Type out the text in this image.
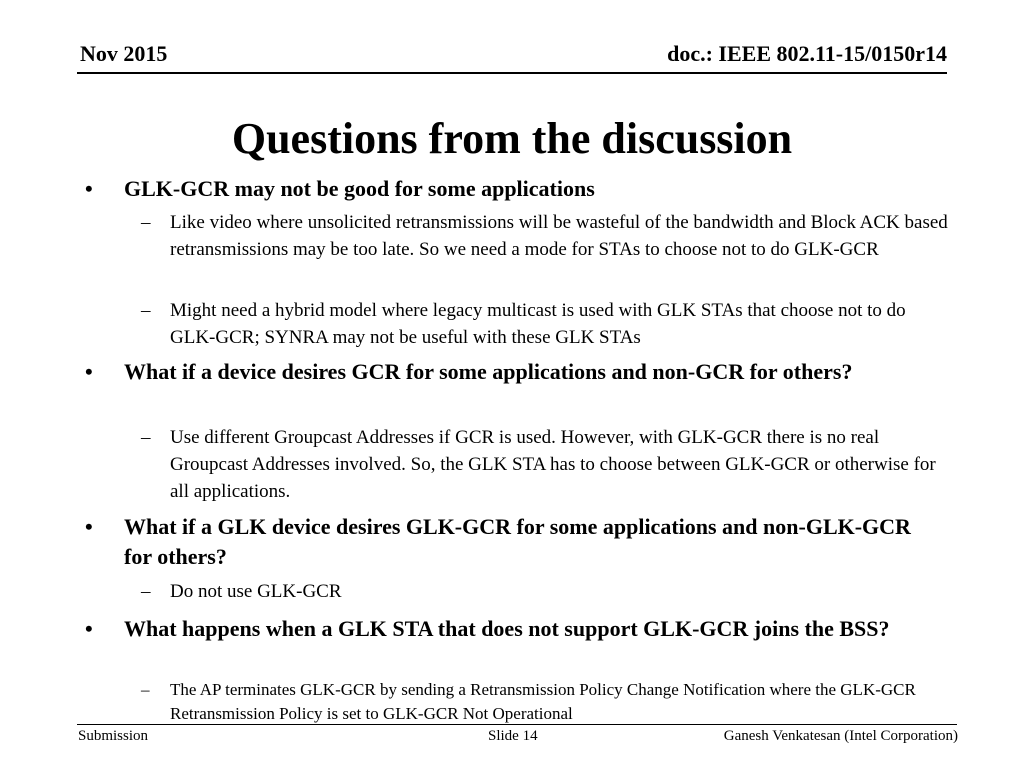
Nov 2015	doc.: IEEE 802.11-15/0150r14
Questions from the discussion
• GLK-GCR may not be good for some applications
– Like video where unsolicited retransmissions will be wasteful of the bandwidth and Block ACK based retransmissions may be too late. So we need a mode for STAs to choose not to do GLK-GCR
– Might need a hybrid model where legacy multicast is used with GLK STAs that choose not to do GLK-GCR; SYNRA may not be useful with these GLK STAs
• What if a device desires GCR for some applications and non-GCR for others?
– Use different Groupcast Addresses if GCR is used. However, with GLK-GCR there is no real Groupcast Addresses involved. So, the GLK STA has to choose between GLK-GCR or otherwise for all applications.
• What if a GLK device desires GLK-GCR for some applications and non-GLK-GCR for others?
– Do not use GLK-GCR
• What happens when a GLK STA that does not support GLK-GCR joins the BSS?
– The AP terminates GLK-GCR by sending a Retransmission Policy Change Notification where the GLK-GCR Retransmission Policy is set to GLK-GCR Not Operational
Submission	Slide 14	Ganesh Venkatesan (Intel Corporation)
